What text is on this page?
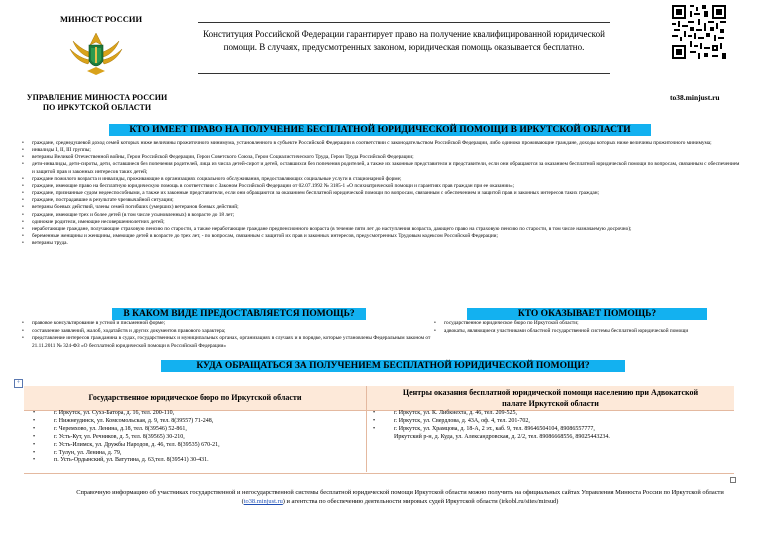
МИНЮСТ РОССИИ
Конституция Российской Федерации гарантирует право на получение квалифицированной юридической помощи. В случаях, предусмотренных законом, юридическая помощь оказывается бесплатно.
УПРАВЛЕНИЕ МИНЮСТА РОССИИ
ПО ИРКУТСКОЙ ОБЛАСТИ
to38.minjust.ru
КТО ИМЕЕТ ПРАВО НА ПОЛУЧЕНИЕ БЕСПЛАТНОЙ ЮРИДИЧЕСКОЙ ПОМОЩИ В ИРКУТСКОЙ ОБЛАСТИ
• граждане, среднедушевой доход семей которых ниже величины прожиточного минимума, установленного в субъекте Российской Федерации в соответствии с законодательством Российской Федерации, либо одиноко проживающие граждане, доходы которых ниже величины прожиточного минимума;
• инвалиды I, II, III группы;
• ветераны Великой Отечественной войны, Герои Российской Федерации, Герои Советского Союза, Герои Социалистического Труда, Герои Труда Российской Федерации;
• дети-инвалиды, дети-сироты, дети, оставшиеся без попечения родителей, лица из числа детей-сирот и детей, оставшихся без попечения родителей, а также их законные представители и представители, если они обращаются за оказанием бесплатной юридической помощи по вопросам, связанным с обеспечением и защитой прав и законных интересов таких детей;
• граждане пожилого возраста и инвалиды, проживающие в организациях социального обслуживания, предоставляющих социальные услуги в стационарной форме;
• граждане, имеющие право на бесплатную юридическую помощь в соответствии с Законом Российской Федерации от 02.07.1992 № 3185-1 «О психиатрической помощи и гарантиях прав граждан при ее оказании»;
• граждане, признанные судом недееспособными, а также их законные представители, если они обращаются за оказанием бесплатной юридической помощи по вопросам, связанным с обеспечением и защитой прав и законных интересов таких граждан;
• граждане, пострадавшие в результате чрезвычайной ситуации;
• ветераны боевых действий, члены семей погибших (умерших) ветеранов боевых действий;
• граждане, имеющие трех и более детей (в том числе усыновленных) в возрасте до 18 лет;
• одинокие родители, имеющие несовершеннолетних детей;
• неработающие граждане, получающие страховую пенсию по старости, а также неработающие граждане предпенсионного возраста (в течение пяти лет до наступления возраста, дающего право на страховую пенсию по старости, в том числе назначаемую досрочно);
• беременные женщины и женщины, имеющие детей в возрасте до трех лет, - по вопросам, связанным с защитой их прав и законных интересов, предусмотренных Трудовым кодексом Российской Федерации;
• ветераны труда.
В КАКОМ ВИДЕ ПРЕДОСТАВЛЯЕТСЯ ПОМОЩЬ?	КТО ОКАЗЫВАЕТ ПОМОЩЬ?
• правовое консультирование в устной и письменной форме;
• составление заявлений, жалоб, ходатайств и других документов правового характера;
• представление интересов гражданина в судах, государственных и муниципальных органах, организациях в случаях и в порядке, которые установлены Федеральным законом от 21.11.2011 № 324-ФЗ «О бесплатной юридической помощи в Российской Федерации»
• государственное юридическое бюро по Иркутской области;
• адвокаты, являющиеся участниками областной государственной системы бесплатной юридической помощи
КУДА ОБРАЩАТЬСЯ ЗА ПОЛУЧЕНИЕМ БЕСПЛАТНОЙ ЮРИДИЧЕСКОЙ ПОМОЩИ?
+
Государственное юридическое бюро по Иркутской области
Центры оказания бесплатной юридической помощи населению при Адвокатской
палате Иркутской области
• г. Иркутск, ул. Сухэ-Батора, д. 16, тел. 200-110,
• г. Нижнеудинск, ул. Комсомольская, д. 9, тел. 8(39557) 71-248,
• г. Черемхово, ул. Ленина, д.18, тел. 8(39546) 52-861,
• г. Усть-Кут, ул. Речников, д. 5, тел. 8(39565) 30-210,
• г. Усть-Илимск, ул. Дружбы Народов, д. 46, тел. 8(39535) 670-21,
• г. Тулун, ул. Ленина, д. 79,
• п. Усть-Ордынский, ул. Ватутина, д. 63,тел. 8(39541) 30-431.
• г. Иркутск, ул. К. Либкнехта, д. 46, тел. 209-525,
• г. Иркутск, ул. Свердлова, д. 43А, оф. 4, тел. 201-702,
• г. Иркутск, ул. Храмцова, д. 18-А, 2 эт., каб. 9, тел. 89646504104, 89086557777,
Иркутский р-н, д. Куда, ул. Александровская, д. 2/2, тел. 89086668556, 89025443234.
Справочную информацию об участниках государственной и негосударственной системы бесплатной юридической помощи Иркутской области можно получить на официальных сайтах Управления Минюста России по Иркутской области (to38.minjust.ru) и агентства по обеспечению деятельности мировых судей Иркутской области (irkobl.ru/sites/mirsud)
